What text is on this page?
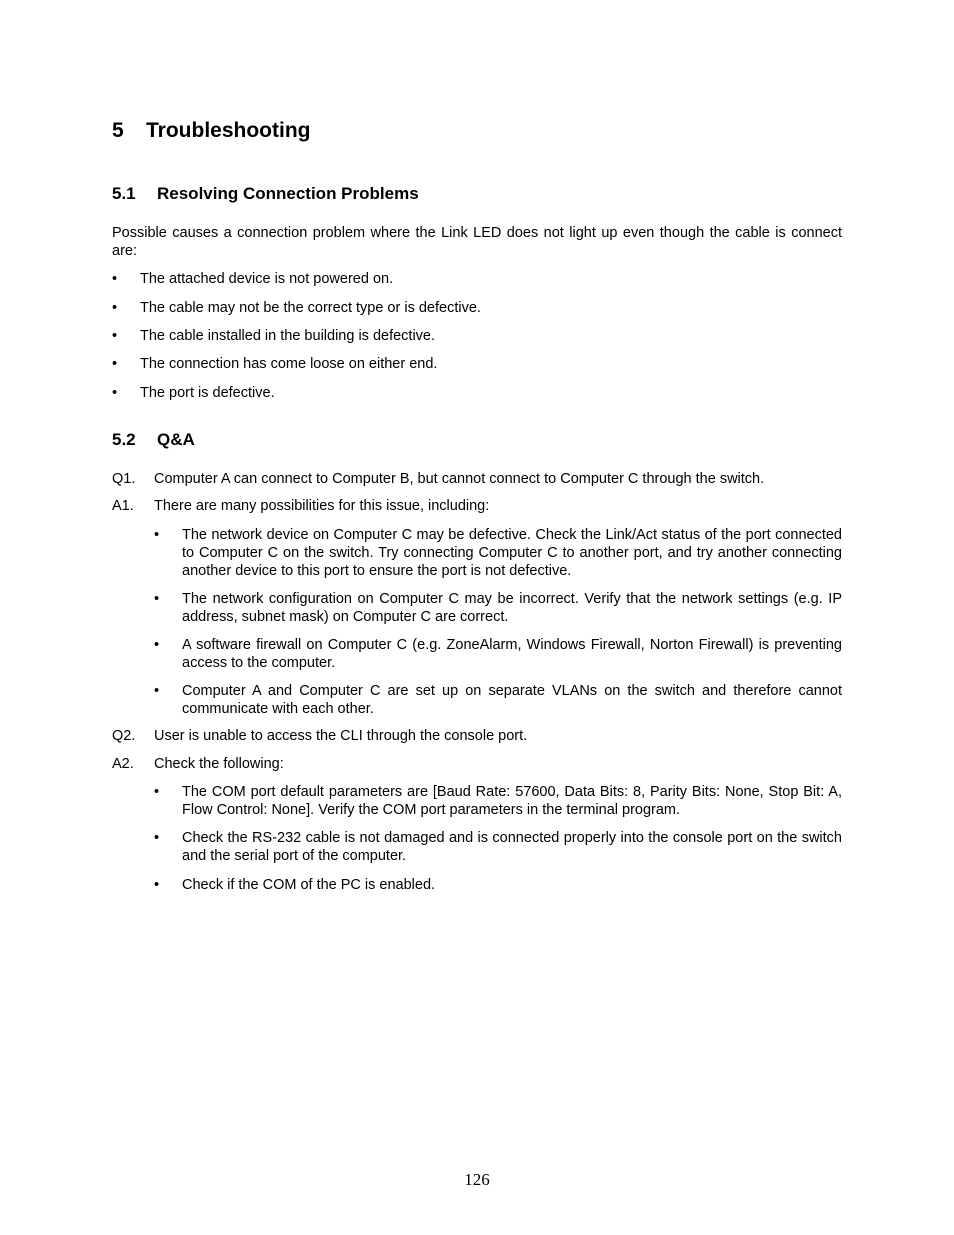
5 Troubleshooting
5.1 Resolving Connection Problems
Possible causes a connection problem where the Link LED does not light up even though the cable is connect are:
• The attached device is not powered on.
• The cable may not be the correct type or is defective.
• The cable installed in the building is defective.
• The connection has come loose on either end.
• The port is defective.
5.2 Q&A
Q1. Computer A can connect to Computer B, but cannot connect to Computer C through the switch.
A1. There are many possibilities for this issue, including:
• The network device on Computer C may be defective. Check the Link/Act status of the port connected to Computer C on the switch. Try connecting Computer C to another port, and try another connecting another device to this port to ensure the port is not defective.
• The network configuration on Computer C may be incorrect. Verify that the network settings (e.g. IP address, subnet mask) on Computer C are correct.
• A software firewall on Computer C (e.g. ZoneAlarm, Windows Firewall, Norton Firewall) is preventing access to the computer.
• Computer A and Computer C are set up on separate VLANs on the switch and therefore cannot communicate with each other.
Q2. User is unable to access the CLI through the console port.
A2. Check the following:
• The COM port default parameters are [Baud Rate: 57600, Data Bits: 8, Parity Bits: None, Stop Bit: A, Flow Control: None]. Verify the COM port parameters in the terminal program.
• Check the RS-232 cable is not damaged and is connected properly into the console port on the switch and the serial port of the computer.
• Check if the COM of the PC is enabled.
126
